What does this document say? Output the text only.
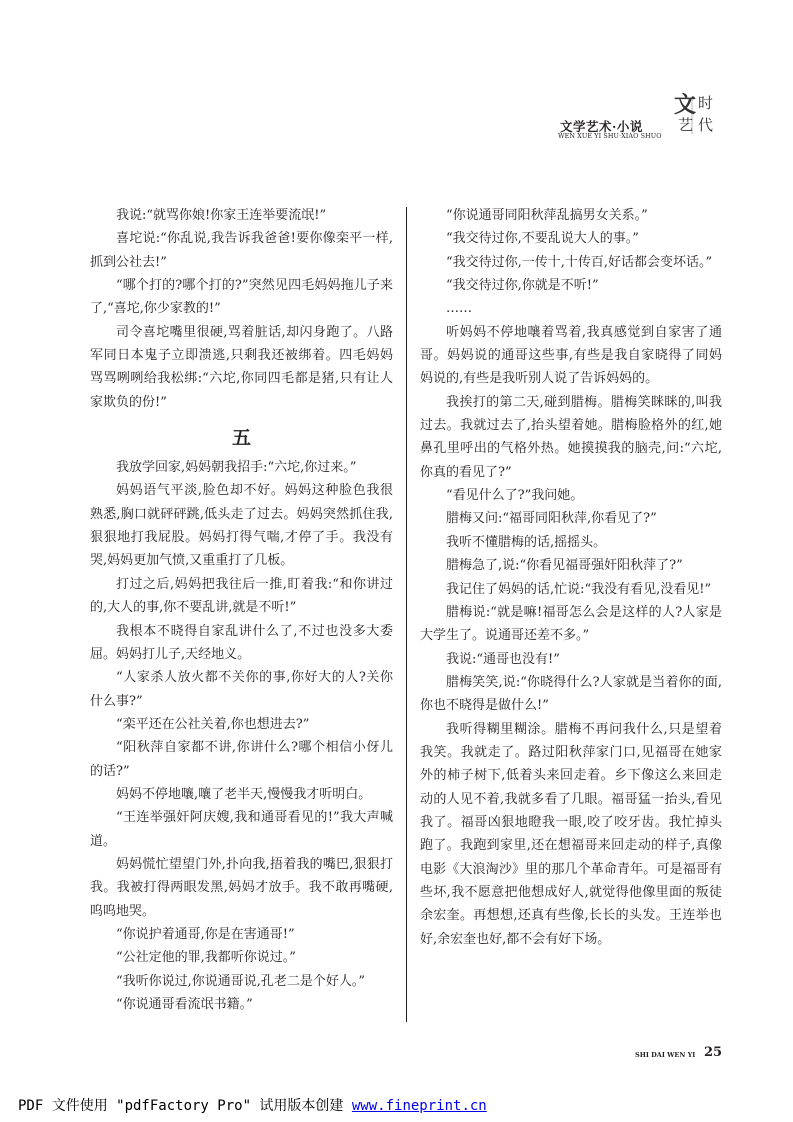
文学艺术·小说
WEN XUE YI SHU·XIAO SHUO
文 时
艺 代

我说:“就骂你娘!你家王连举要流氓!”

喜坨说:“你乱说,我告诉我爸爸!要你像栾平一样,抓到公社去!”

“哪个打的?哪个打的?”突然见四毛妈妈拖儿子来了,“喜坨,你少家教的!”

司令喜坨嘴里很硬,骂着脏话,却闪身跑了。八路军同日本鬼子立即溃逃,只剩我还被绑着。四毛妈妈骂骂咧咧给我松绑:“六坨,你同四毛都是猪,只有让人家欺负的份!”

五

我放学回家,妈妈朝我招手:“六坨,你过来。”

妈妈语气平淡,脸色却不好。妈妈这种脸色我很熟悉,胸口就砰砰跳,低头走了过去。妈妈突然抓住我,狠狠地打我屁股。妈妈打得气喘,才停了手。我没有哭,妈妈更加气愤,又重重打了几板。

打过之后,妈妈把我往后一推,盯着我:“和你讲过的,大人的事,你不要乱讲,就是不听!”

我根本不晓得自家乱讲什么了,不过也没多大委屈。妈妈打儿子,天经地义。

“人家杀人放火都不关你的事,你好大的人?关你什么事?”

“栾平还在公社关着,你也想进去?”

“阳秋萍自家都不讲,你讲什么?哪个相信小伢儿的话?”

妈妈不停地嚷,嚷了老半天,慢慢我才听明白。

“王连举强奸阿庆嫂,我和通哥看见的!”我大声喊道。

妈妈慌忙望望门外,扑向我,捂着我的嘴巴,狠狠打我。我被打得两眼发黑,妈妈才放手。我不敢再嘴硬,呜呜地哭。

“你说护着通哥,你是在害通哥!”

“公社定他的罪,我都听你说过。”

“我听你说过,你说通哥说,孔老二是个好人。”

“你说通哥看流氓书籍。”

“你说通哥同阳秋萍乱搞男女关系。”

“我交待过你,不要乱说大人的事。”

“我交待过你,一传十,十传百,好话都会变坏话。”

“我交待过你,你就是不听!”

……

听妈妈不停地嚷着骂着,我真感觉到自家害了通哥。妈妈说的通哥这些事,有些是我自家晓得了同妈妈说的,有些是我听别人说了告诉妈妈的。

我挨打的第二天,碰到腊梅。腊梅笑眯眯的,叫我过去。我就过去了,抬头望着她。腊梅脸格外的红,她鼻孔里呼出的气格外热。她摸摸我的脑壳,问:“六坨,你真的看见了?”

“看见什么了?”我问她。

腊梅又问:“福哥同阳秋萍,你看见了?”

我听不懂腊梅的话,摇摇头。

腊梅急了,说:“你看见福哥强奸阳秋萍了?”

我记住了妈妈的话,忙说:“我没有看见,没看见!”

腊梅说:“就是嘛!福哥怎么会是这样的人?人家是大学生了。说通哥还差不多。”

我说:“通哥也没有!”

腊梅笑笑,说:“你晓得什么?人家就是当着你的面,你也不晓得是做什么!”

我听得糊里糊涂。腊梅不再问我什么,只是望着我笑。我就走了。路过阳秋萍家门口,见福哥在她家外的柿子树下,低着头来回走着。乡下像这么来回走动的人见不着,我就多看了几眼。福哥猛一抬头,看见我了。福哥凶狠地瞪我一眼,咬了咬牙齿。我忙掉头跑了。我跑到家里,还在想福哥来回走动的样子,真像电影《大浪淘沙》里的那几个革命青年。可是福哥有些坏,我不愿意把他想成好人,就觉得他像里面的叛徒余宏奎。再想想,还真有些像,长长的头发。王连举也好,余宏奎也好,都不会有好下场。

SHI DAI WEN YI 25
PDF 文件使用 "pdfFactory Pro" 试用版本创建 www.fineprint.cn
